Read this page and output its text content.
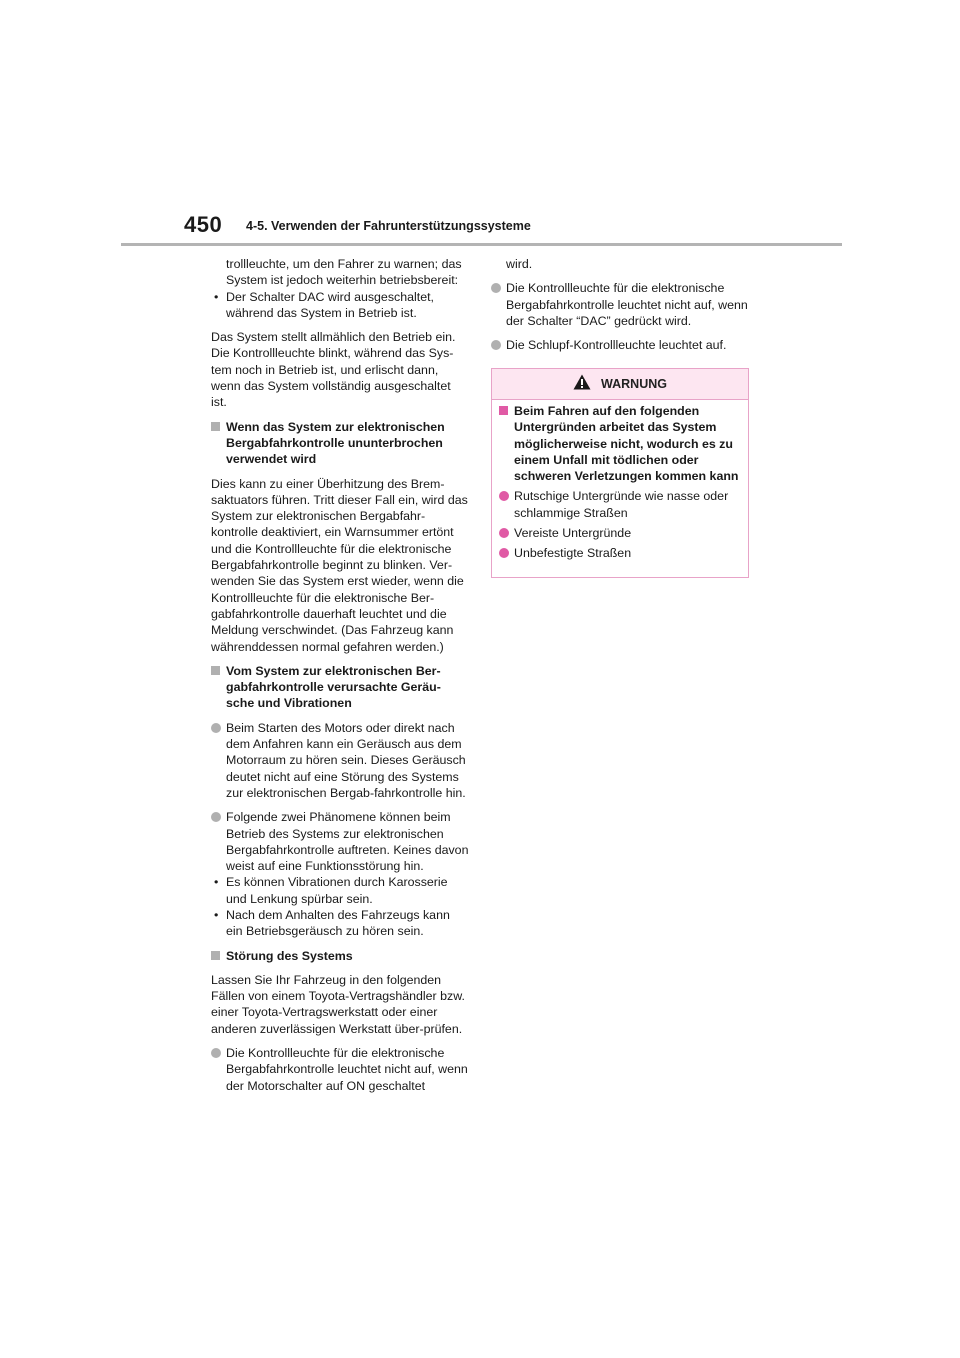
450 4-5. Verwenden der Fahrunterstützungssysteme

trollleuchte, um den Fahrer zu warnen; das System ist jedoch weiterhin betriebsbereit:

• Der Schalter DAC wird ausgeschaltet, während das System in Betrieb ist.

Das System stellt allmählich den Betrieb ein. Die Kontrollleuchte blinkt, während das Sys-tem noch in Betrieb ist, und erlischt dann, wenn das System vollständig ausgeschaltet ist.

Wenn das System zur elektronischen Bergabfahrkontrolle ununterbrochen verwendet wird

Dies kann zu einer Überhitzung des Brem-saktuators führen. Tritt dieser Fall ein, wird das System zur elektronischen Bergabfahr-kontrolle deaktiviert, ein Warnsummer ertönt und die Kontrollleuchte für die elektronische Bergabfahrkontrolle beginnt zu blinken. Ver-wenden Sie das System erst wieder, wenn die Kontrollleuchte für die elektronische Ber-gabfahrkontrolle dauerhaft leuchtet und die Meldung verschwindet. (Das Fahrzeug kann währenddessen normal gefahren werden.)

Vom System zur elektronischen Ber-gabfahrkontrolle verursachte Geräu-sche und Vibrationen
Beim Starten des Motors oder direkt nach dem Anfahren kann ein Geräusch aus dem Motorraum zu hören sein. Dieses Geräusch deutet nicht auf eine Störung des Systems zur elektronischen Bergab-fahrkontrolle hin.
Folgende zwei Phänomene können beim Betrieb des Systems zur elektronischen Bergabfahrkontrolle auftreten. Keines davon weist auf eine Funktionsstörung hin.

• Es können Vibrationen durch Karosserie und Lenkung spürbar sein.

• Nach dem Anhalten des Fahrzeugs kann ein Betriebsgeräusch zu hören sein.

Störung des Systems

Lassen Sie Ihr Fahrzeug in den folgenden Fällen von einem Toyota-Vertragshändler bzw. einer Toyota-Vertragswerkstatt oder einer anderen zuverlässigen Werkstatt über-prüfen.

Die Kontrollleuchte für die elektronische Bergabfahrkontrolle leuchtet nicht auf, wenn der Motorschalter auf ON geschaltet

wird.

Die Kontrollleuchte für die elektronische Bergabfahrkontrolle leuchtet nicht auf, wenn der Schalter “DAC” gedrückt wird.
Die Schlupf-Kontrollleuchte leuchtet auf.
WARNUNG
Beim Fahren auf den folgenden Untergründen arbeitet das System möglicherweise nicht, wodurch es zu einem Unfall mit tödlichen oder schweren Verletzungen kommen kann
Rutschige Untergründe wie nasse oder schlammige Straßen
Vereiste Untergründe
Unbefestigte Straßen
